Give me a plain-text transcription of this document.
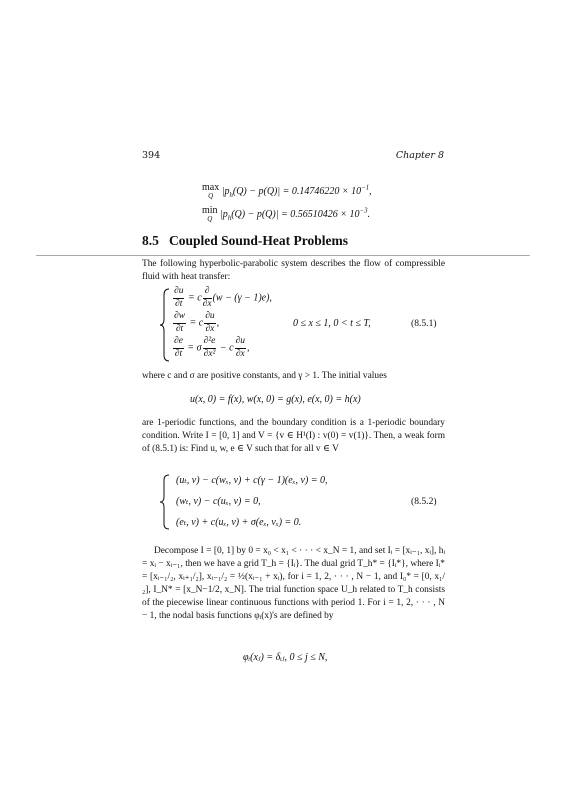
394	Chapter 8
max
Q $|p_h(Q) - p(Q)| = 0.14746220 \times 10^{-1}$,
min
Q $|p_h(Q) - p(Q)| = 0.56510426 \times 10^{-3}$.
8.5 Coupled Sound-Heat Problems

The following hyperbolic-parabolic system describes the flow of compressible fluid with heat transfer:

$\frac{\partial u}{\partial t} = c \frac{\partial}{\partial x} (w - (\gamma - 1)e)$,
$\frac{\partial w}{\partial t} = c \frac{\partial u}{\partial x}$ ,
$\frac{\partial e}{\partial t} = \sigma \frac{\text{∂²e}}{\text{∂x²}} - c \frac{\partial u}{\partial x}$ ,
0 ≤ x ≤ 1, 0 < t ≤ T,	(8.5.1)

where c and σ are positive constants, and γ > 1. The initial values

u(x, 0) = f(x), w(x, 0) = g(x), e(x, 0) = h(x)

are 1-periodic functions, and the boundary condition is a 1-periodic boundary condition. Write I = [0, 1] and V = {v ∈ H¹(I) : v(0) = v(1)}. Then, a weak form of (8.5.1) is: Find u, w, e ∈ V such that for all v ∈ V

(uₜ, v) − c(wₓ, v) + c(γ − 1)(eₓ, v) = 0,
(wₜ, v) − c(uₓ, v) = 0,
(eₜ, v) + c(uₓ, v) + σ(eₓ, vₓ) = 0.
(8.5.2)

Decompose I = [0, 1] by 0 = x₀ < x₁ < · · · < x_N = 1, and set Iᵢ = [xᵢ₋₁, xᵢ], hᵢ = xᵢ − xᵢ₋₁, then we have a grid T_h = {Iᵢ}. The dual grid T_h* = {Iᵢ*}, where Iᵢ* = [xᵢ₋₁/₂, xᵢ₊₁/₂], xᵢ₋₁/₂ = ½(xᵢ₋₁ + xᵢ), for i = 1, 2, · · · , N − 1, and I₀* = [0, x₁/₂], I_N* = [x_N−1/2, x_N]. The trial function space U_h related to T_h consists of the piecewise linear continuous functions with period 1. For i = 1, 2, · · · , N − 1, the nodal basis functions φᵢ(x)'s are defined by

φᵢ(xⱼ) = δᵢⱼ, 0 ≤ j ≤ N,
